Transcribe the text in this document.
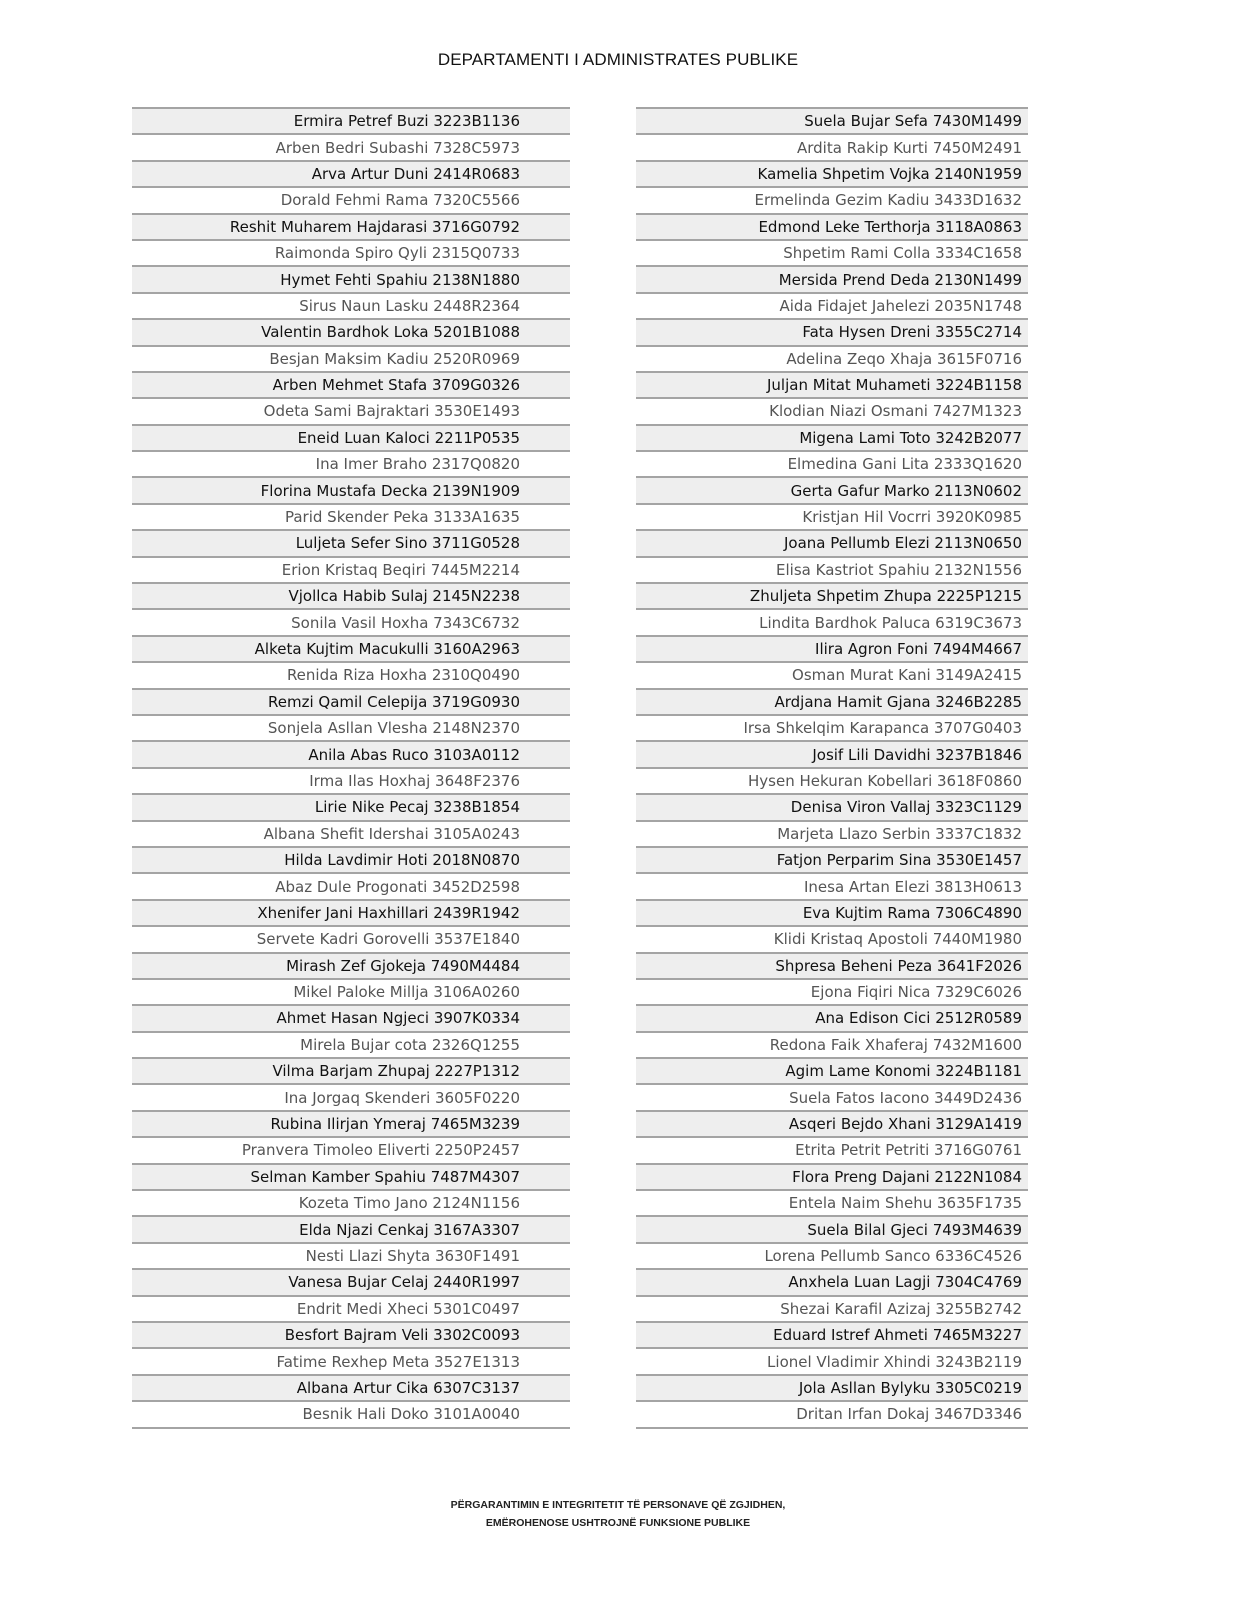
DEPARTAMENTI I ADMINISTRATES PUBLIKE
Ermira Petref Buzi 3223B1136
Arben Bedri Subashi 7328C5973
Arva Artur Duni 2414R0683
Dorald Fehmi Rama 7320C5566
Reshit Muharem Hajdarasi 3716G0792
Raimonda Spiro Qyli 2315Q0733
Hymet Fehti Spahiu 2138N1880
Sirus Naun Lasku 2448R2364
Valentin Bardhok Loka 5201B1088
Besjan Maksim Kadiu 2520R0969
Arben Mehmet Stafa 3709G0326
Odeta Sami Bajraktari 3530E1493
Eneid Luan Kaloci 2211P0535
Ina Imer Braho 2317Q0820
Florina Mustafa Decka 2139N1909
Parid Skender Peka 3133A1635
Luljeta Sefer Sino 3711G0528
Erion Kristaq Beqiri 7445M2214
Vjollca Habib Sulaj 2145N2238
Sonila Vasil Hoxha 7343C6732
Alketa Kujtim Macukulli 3160A2963
Renida Riza Hoxha 2310Q0490
Remzi Qamil Celepija 3719G0930
Sonjela Asllan Vlesha 2148N2370
Anila Abas Ruco 3103A0112
Irma Ilas Hoxhaj 3648F2376
Lirie Nike Pecaj 3238B1854
Albana Shefit Idershai 3105A0243
Hilda Lavdimir Hoti 2018N0870
Abaz Dule Progonati 3452D2598
Xhenifer Jani Haxhillari 2439R1942
Servete Kadri Gorovelli 3537E1840
Mirash Zef Gjokeja 7490M4484
Mikel Paloke Millja 3106A0260
Ahmet Hasan Ngjeci 3907K0334
Mirela Bujar cota 2326Q1255
Vilma Barjam Zhupaj 2227P1312
Ina Jorgaq Skenderi 3605F0220
Rubina Ilirjan Ymeraj 7465M3239
Pranvera Timoleo Eliverti 2250P2457
Selman Kamber Spahiu 7487M4307
Kozeta Timo Jano 2124N1156
Elda Njazi Cenkaj 3167A3307
Nesti Llazi Shyta 3630F1491
Vanesa Bujar Celaj 2440R1997
Endrit Medi Xheci 5301C0497
Besfort Bajram Veli 3302C0093
Fatime Rexhep Meta 3527E1313
Albana Artur Cika 6307C3137
Besnik Hali Doko 3101A0040
Suela Bujar Sefa 7430M1499
Ardita Rakip Kurti 7450M2491
Kamelia Shpetim Vojka 2140N1959
Ermelinda Gezim Kadiu 3433D1632
Edmond Leke Terthorja 3118A0863
Shpetim Rami Colla 3334C1658
Mersida Prend Deda 2130N1499
Aida Fidajet Jahelezi 2035N1748
Fata Hysen Dreni 3355C2714
Adelina Zeqo Xhaja 3615F0716
Juljan Mitat Muhameti 3224B1158
Klodian Niazi Osmani 7427M1323
Migena Lami Toto 3242B2077
Elmedina Gani Lita 2333Q1620
Gerta Gafur Marko 2113N0602
Kristjan Hil Vocrri 3920K0985
Joana Pellumb Elezi 2113N0650
Elisa Kastriot Spahiu 2132N1556
Zhuljeta Shpetim Zhupa 2225P1215
Lindita Bardhok Paluca 6319C3673
Ilira Agron Foni 7494M4667
Osman Murat Kani 3149A2415
Ardjana Hamit Gjana 3246B2285
Irsa Shkelqim Karapanca 3707G0403
Josif Lili Davidhi 3237B1846
Hysen Hekuran Kobellari 3618F0860
Denisa Viron Vallaj 3323C1129
Marjeta Llazo Serbin 3337C1832
Fatjon Perparim Sina 3530E1457
Inesa Artan Elezi 3813H0613
Eva Kujtim Rama 7306C4890
Klidi Kristaq Apostoli 7440M1980
Shpresa Beheni Peza 3641F2026
Ejona Fiqiri Nica 7329C6026
Ana Edison Cici 2512R0589
Redona Faik Xhaferaj 7432M1600
Agim Lame Konomi 3224B1181
Suela Fatos Iacono 3449D2436
Asqeri Bejdo Xhani 3129A1419
Etrita Petrit Petriti 3716G0761
Flora Preng Dajani 2122N1084
Entela Naim Shehu 3635F1735
Suela Bilal Gjeci 7493M4639
Lorena Pellumb Sanco 6336C4526
Anxhela Luan Lagji 7304C4769
Shezai Karafil Azizaj 3255B2742
Eduard Istref Ahmeti 7465M3227
Lionel Vladimir Xhindi 3243B2119
Jola Asllan Bylyku 3305C0219
Dritan Irfan Dokaj 3467D3346
PËRGARANTIMIN E INTEGRITETIT TË PERSONAVE QË ZGJIDHEN,
EMËROHENOSE USHTROJNË FUNKSIONE PUBLIKE
